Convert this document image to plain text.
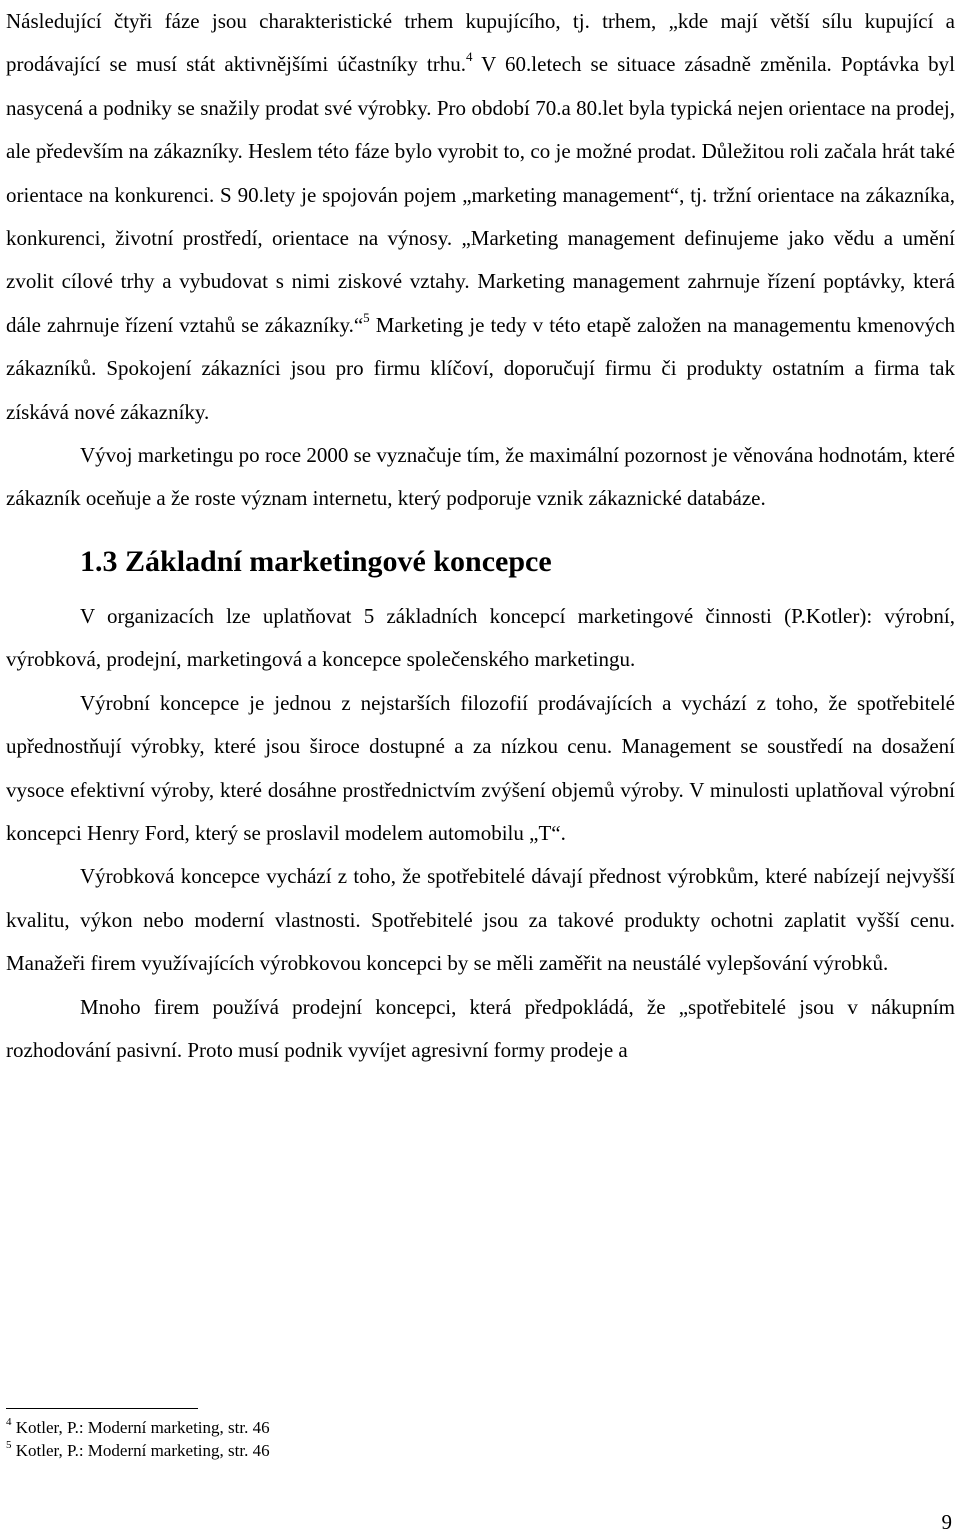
Následující čtyři fáze jsou charakteristické trhem kupujícího, tj. trhem, „kde mají větší sílu kupující a prodávající se musí stát aktivnějšími účastníky trhu.$^4$ V 60.letech se situace zásadně změnila. Poptávka byl nasycená a podniky se snažily prodat své výrobky. Pro období 70.a 80.let byla typická nejen orientace na prodej, ale především na zákazníky. Heslem této fáze bylo vyrobit to, co je možné prodat. Důležitou roli začala hrát také orientace na konkurenci. S 90.lety je spojován pojem „marketing management“, tj. tržní orientace na zákazníka, konkurenci, životní prostředí, orientace na výnosy. „Marketing management definujeme jako vědu a umění zvolit cílové trhy a vybudovat s nimi ziskové vztahy. Marketing management zahrnuje řízení poptávky, která dále zahrnuje řízení vztahů se zákazníky.“$^5$ Marketing je tedy v této etapě založen na managementu kmenových zákazníků. Spokojení zákazníci jsou pro firmu klíčoví, doporučují firmu či produkty ostatním a firma tak získává nové zákazníky.

Vývoj marketingu po roce 2000 se vyznačuje tím, že maximální pozornost je věnována hodnotám, které zákazník oceňuje a že roste význam internetu, který podporuje vznik zákaznické databáze.

1.3 Základní marketingové koncepce

V organizacích lze uplatňovat 5 základních koncepcí marketingové činnosti (P.Kotler): výrobní, výrobková, prodejní, marketingová a koncepce společenského marketingu.

Výrobní koncepce je jednou z nejstarších filozofií prodávajících a vychází z toho, že spotřebitelé upřednostňují výrobky, které jsou široce dostupné a za nízkou cenu. Management se soustředí na dosažení vysoce efektivní výroby, které dosáhne prostřednictvím zvýšení objemů výroby. V minulosti uplatňoval výrobní koncepci Henry Ford, který se proslavil modelem automobilu „T“.

Výrobková koncepce vychází z toho, že spotřebitelé dávají přednost výrobkům, které nabízejí nejvyšší kvalitu, výkon nebo moderní vlastnosti. Spotřebitelé jsou za takové produkty ochotni zaplatit vyšší cenu. Manažeři firem využívajících výrobkovou koncepci by se měli zaměřit na neustálé vylepšování výrobků.

Mnoho firem používá prodejní koncepci, která předpokládá, že „spotřebitelé jsou v nákupním rozhodování pasivní. Proto musí podnik vyvíjet agresivní formy prodeje a

$^4$ Kotler, P.: Moderní marketing, str. 46

$^5$ Kotler, P.: Moderní marketing, str. 46

9
